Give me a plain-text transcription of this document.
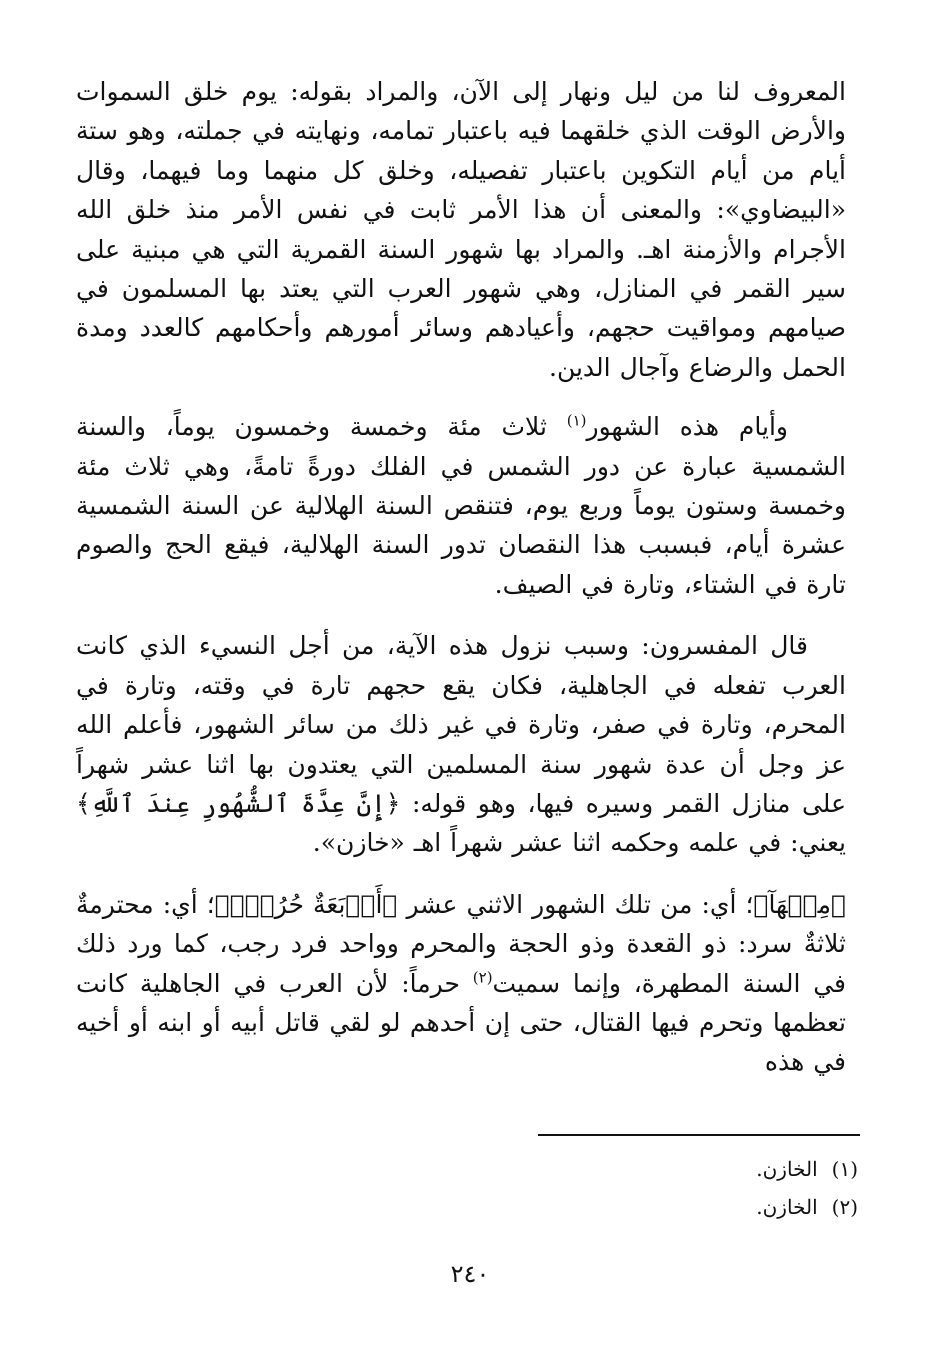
المعروف لنا من ليل ونهار إلى الآن، والمراد بقوله: يوم خلق السموات والأرض الوقت الذي خلقهما فيه باعتبار تمامه، ونهايته في جملته، وهو ستة أيام من أيام التكوين باعتبار تفصيله، وخلق كل منهما وما فيهما، وقال «البيضاوي»: والمعنى أن هذا الأمر ثابت في نفس الأمر منذ خلق الله الأجرام والأزمنة اهـ. والمراد بها شهور السنة القمرية التي هي مبنية على سير القمر في المنازل، وهي شهور العرب التي يعتد بها المسلمون في صيامهم ومواقيت حجهم، وأعيادهم وسائر أمورهم وأحكامهم كالعدد ومدة الحمل والرضاع وآجال الدين.

وأيام هذه الشهور$^{(١)}$ ثلاث مئة وخمسة وخمسون يوماً، والسنة الشمسية عبارة عن دور الشمس في الفلك دورةً تامةً، وهي ثلاث مئة وخمسة وستون يوماً وربع يوم، فتنقص السنة الهلالية عن السنة الشمسية عشرة أيام، فبسبب هذا النقصان تدور السنة الهلالية، فيقع الحج والصوم تارة في الشتاء، وتارة في الصيف.

قال المفسرون: وسبب نزول هذه الآية، من أجل النسيء الذي كانت العرب تفعله في الجاهلية، فكان يقع حجهم تارة في وقته، وتارة في المحرم، وتارة في صفر، وتارة في غير ذلك من سائر الشهور، فأعلم الله عز وجل أن عدة شهور سنة المسلمين التي يعتدون بها اثنا عشر شهراً على منازل القمر وسيره فيها، وهو قوله: ﴿إِنَّ عِدَّةَ ٱلشُّهُورِ عِندَ ٱللَّهِ﴾ يعني: في علمه وحكمه اثنا عشر شهراً اهـ «خازن».

﴿مِنۡهَآ﴾؛ أي: من تلك الشهور الاثني عشر ﴿أَرۡبَعَةٌ حُرُمٌۚ﴾؛ أي: محترمةٌ ثلاثةٌ سرد: ذو القعدة وذو الحجة والمحرم وواحد فرد رجب، كما ورد ذلك في السنة المطهرة، وإنما سميت$^{(٢)}$ حرماً: لأن العرب في الجاهلية كانت تعظمها وتحرم فيها القتال، حتى إن أحدهم لو لقي قاتل أبيه أو ابنه أو أخيه في هذه

(١)الخازن.

(٢)الخازن.

٢٤٠
